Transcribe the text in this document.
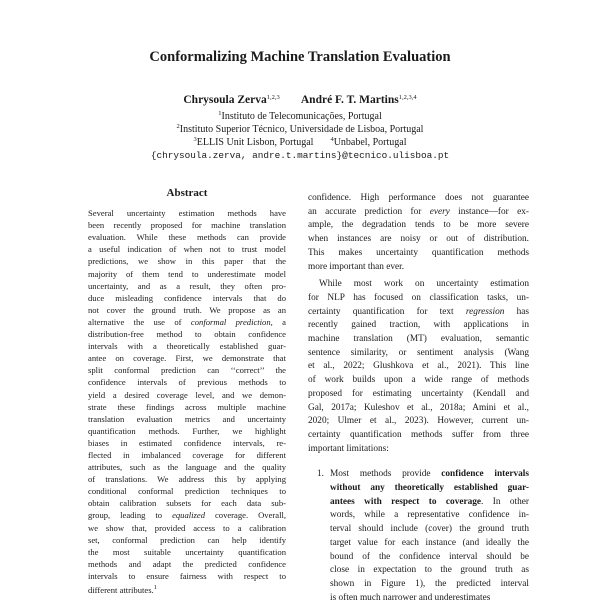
Conformalizing Machine Translation Evaluation
Chrysoula Zerva$^{1,2,3}$ André F. T. Martins$^{1,2,3,4}$
$^1$Instituto de Telecomunicações, Portugal
$^2$Instituto Superior Técnico, Universidade de Lisboa, Portugal
$^3$ELLIS Unit Lisbon, Portugal	$^4$Unbabel, Portugal
{chrysoula.zerva, andre.t.martins}@tecnico.ulisboa.pt
Abstract
Several uncertainty estimation methods have
been recently proposed for machine translation
evaluation. While these methods can provide
a useful indication of when not to trust model
predictions, we show in this paper that the
majority of them tend to underestimate model
uncertainty, and as a result, they often pro-
duce misleading confidence intervals that do
not cover the ground truth. We propose as an
alternative the use of conformal prediction, a
distribution-free method to obtain confidence
intervals with a theoretically established guar-
antee on coverage. First, we demonstrate that
split conformal prediction can ‘‘correct’’ the
confidence intervals of previous methods to
yield a desired coverage level, and we demon-
strate these findings across multiple machine
translation evaluation metrics and uncertainty
quantification methods. Further, we highlight
biases in estimated confidence intervals, re-
flected in imbalanced coverage for different
attributes, such as the language and the quality
of translations. We address this by applying
conditional conformal prediction techniques to
obtain calibration subsets for each data sub-
group, leading to equalized coverage. Overall,
we show that, provided access to a calibration
set, conformal prediction can help identify
the most suitable uncertainty quantification
methods and adapt the predicted confidence
intervals to ensure fairness with respect to
different attributes.$^1$
confidence. High performance does not guarantee
an accurate prediction for every instance—for ex-
ample, the degradation tends to be more severe
when instances are noisy or out of distribution.
This makes uncertainty quantification methods
more important than ever.
While most work on uncertainty estimation
for NLP has focused on classification tasks, un-
certainty quantification for text regression has
recently gained traction, with applications in
machine translation (MT) evaluation, semantic
sentence similarity, or sentiment analysis (Wang
et al., 2022; Glushkova et al., 2021). This line
of work builds upon a wide range of methods
proposed for estimating uncertainty (Kendall and
Gal, 2017a; Kuleshov et al., 2018a; Amini et al.,
2020; Ulmer et al., 2023). However, current un-
certainty quantification methods suffer from three
important limitations:
1. Most methods provide confidence intervals
without any theoretically established guar-
antees with respect to coverage. In other
words, while a representative confidence in-
terval should include (cover) the ground truth
target value for each instance (and ideally the
bound of the confidence interval should be
close in expectation to the ground truth as
shown in Figure 1), the predicted interval
is often much narrower and underestimates
